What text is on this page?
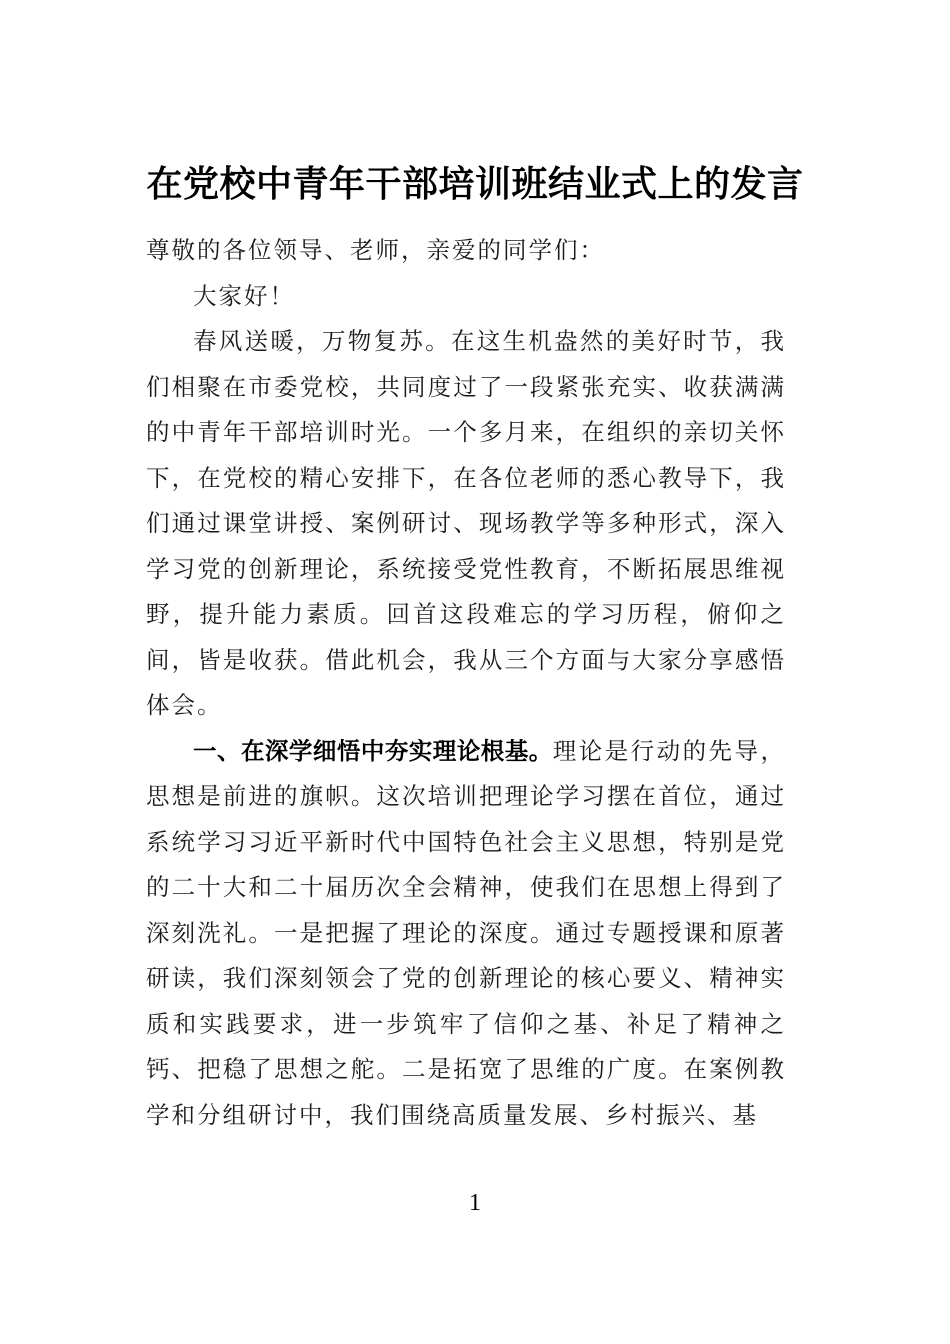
在党校中青年干部培训班结业式上的发言

尊敬的各位领导、老师，亲爱的同学们：

大家好！

春风送暖，万物复苏。在这生机盎然的美好时节，我们相聚在市委党校，共同度过了一段紧张充实、收获满满的中青年干部培训时光。一个多月来，在组织的亲切关怀下，在党校的精心安排下，在各位老师的悉心教导下，我们通过课堂讲授、案例研讨、现场教学等多种形式，深入学习党的创新理论，系统接受党性教育，不断拓展思维视野，提升能力素质。回首这段难忘的学习历程，俯仰之间，皆是收获。借此机会，我从三个方面与大家分享感悟体会。

一、在深学细悟中夯实理论根基。理论是行动的先导，思想是前进的旗帜。这次培训把理论学习摆在首位，通过系统学习习近平新时代中国特色社会主义思想，特别是党的二十大和二十届历次全会精神，使我们在思想上得到了深刻洗礼。一是把握了理论的深度。通过专题授课和原著研读，我们深刻领会了党的创新理论的核心要义、精神实质和实践要求，进一步筑牢了信仰之基、补足了精神之钙、把稳了思想之舵。二是拓宽了思维的广度。在案例教学和分组研讨中，我们围绕高质量发展、乡村振兴、基

1
